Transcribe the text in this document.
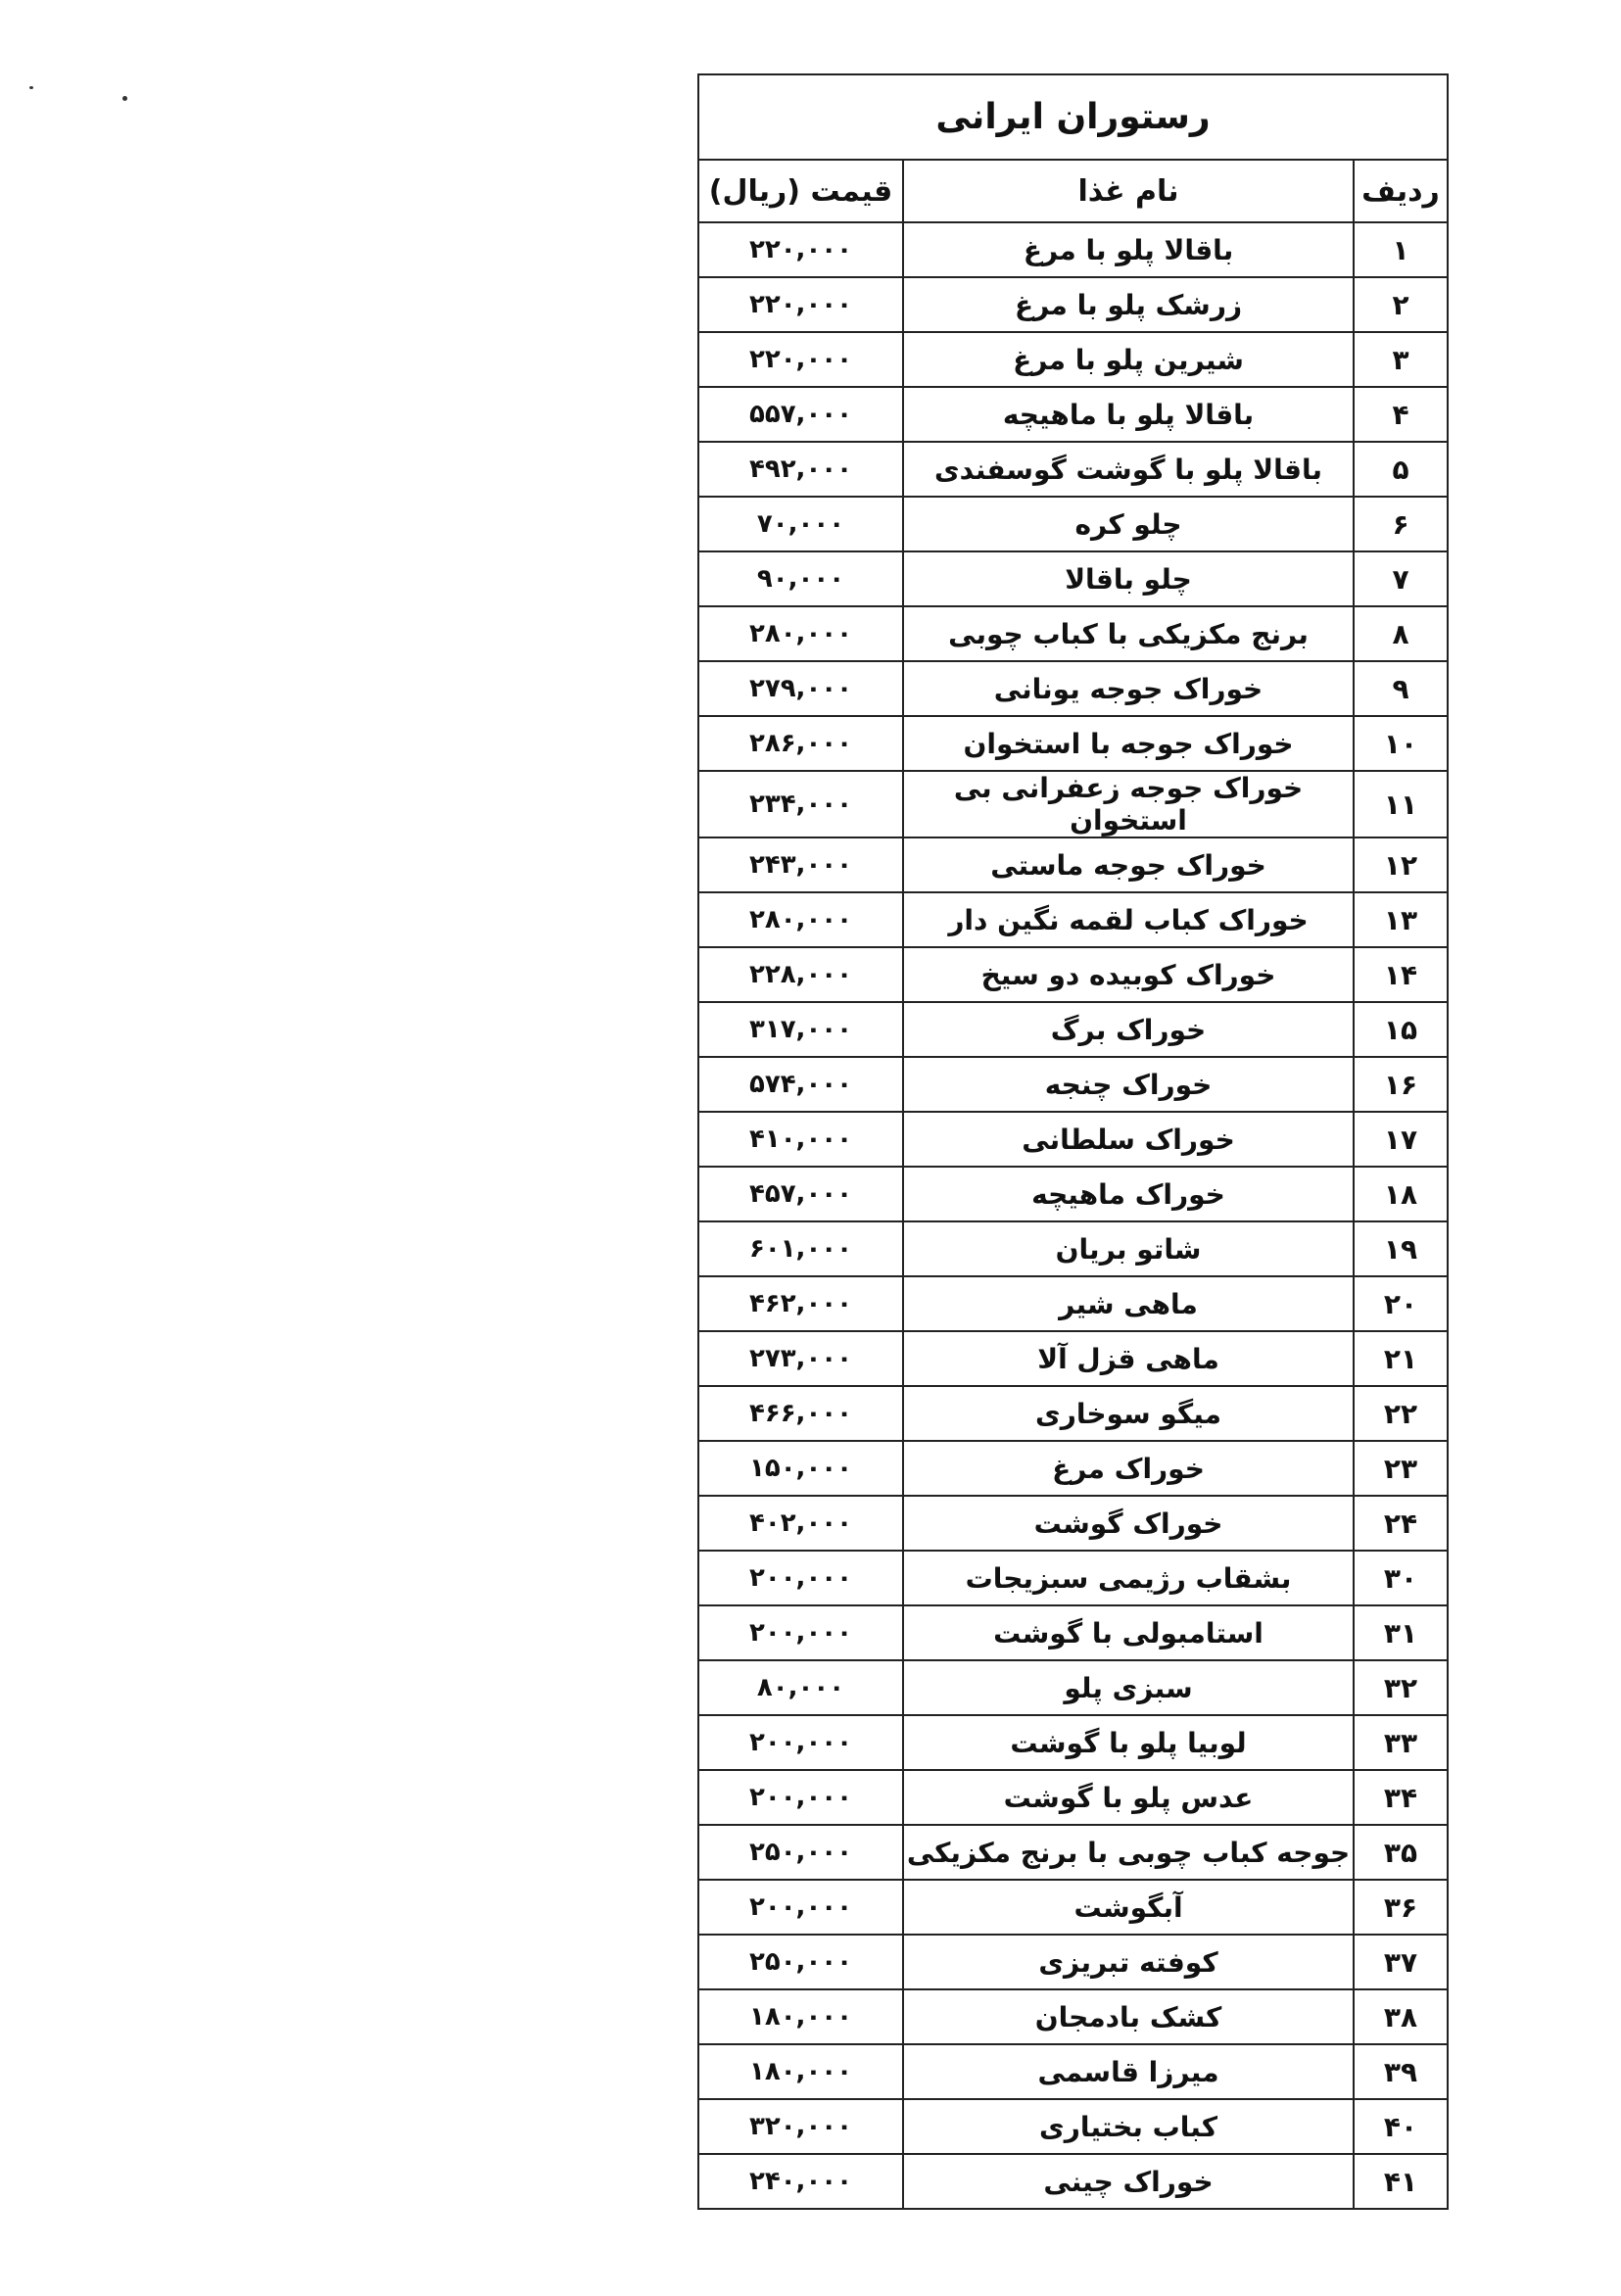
رستوران ایرانی		
ردیف	نام غذا	قیمت (ریال)
۱	باقالا پلو با مرغ	۲۲۰,۰۰۰
۲	زرشک پلو با مرغ	۲۲۰,۰۰۰
۳	شیرین پلو با مرغ	۲۲۰,۰۰۰
۴	باقالا پلو با ماهیچه	۵۵۷,۰۰۰
۵	باقالا پلو با گوشت گوسفندی	۴۹۲,۰۰۰
۶	چلو کره	۷۰,۰۰۰
۷	چلو باقالا	۹۰,۰۰۰
۸	برنج مکزیکی با کباب چوبی	۲۸۰,۰۰۰
۹	خوراک جوجه یونانی	۲۷۹,۰۰۰
۱۰	خوراک جوجه با استخوان	۲۸۶,۰۰۰
۱۱	خوراک جوجه زعفرانی بی استخوان	۲۳۴,۰۰۰
۱۲	خوراک جوجه ماستی	۲۴۳,۰۰۰
۱۳	خوراک کباب لقمه نگین دار	۲۸۰,۰۰۰
۱۴	خوراک کوبیده دو سیخ	۲۲۸,۰۰۰
۱۵	خوراک برگ	۳۱۷,۰۰۰
۱۶	خوراک چنجه	۵۷۴,۰۰۰
۱۷	خوراک سلطانی	۴۱۰,۰۰۰
۱۸	خوراک ماهیچه	۴۵۷,۰۰۰
۱۹	شاتو بریان	۶۰۱,۰۰۰
۲۰	ماهی شیر	۴۶۲,۰۰۰
۲۱	ماهی قزل آلا	۲۷۳,۰۰۰
۲۲	میگو سوخاری	۴۶۶,۰۰۰
۲۳	خوراک مرغ	۱۵۰,۰۰۰
۲۴	خوراک گوشت	۴۰۲,۰۰۰
۳۰	بشقاب رژیمی سبزیجات	۲۰۰,۰۰۰
۳۱	استامبولی با گوشت	۲۰۰,۰۰۰
۳۲	سبزی پلو	۸۰,۰۰۰
۳۳	لوبیا پلو با گوشت	۲۰۰,۰۰۰
۳۴	عدس پلو با گوشت	۲۰۰,۰۰۰
۳۵	جوجه کباب چوبی با برنج مکزیکی	۲۵۰,۰۰۰
۳۶	آبگوشت	۲۰۰,۰۰۰
۳۷	کوفته تبریزی	۲۵۰,۰۰۰
۳۸	کشک بادمجان	۱۸۰,۰۰۰
۳۹	میرزا قاسمی	۱۸۰,۰۰۰
۴۰	کباب بختیاری	۳۲۰,۰۰۰
۴۱	خوراک چینی	۲۴۰,۰۰۰
